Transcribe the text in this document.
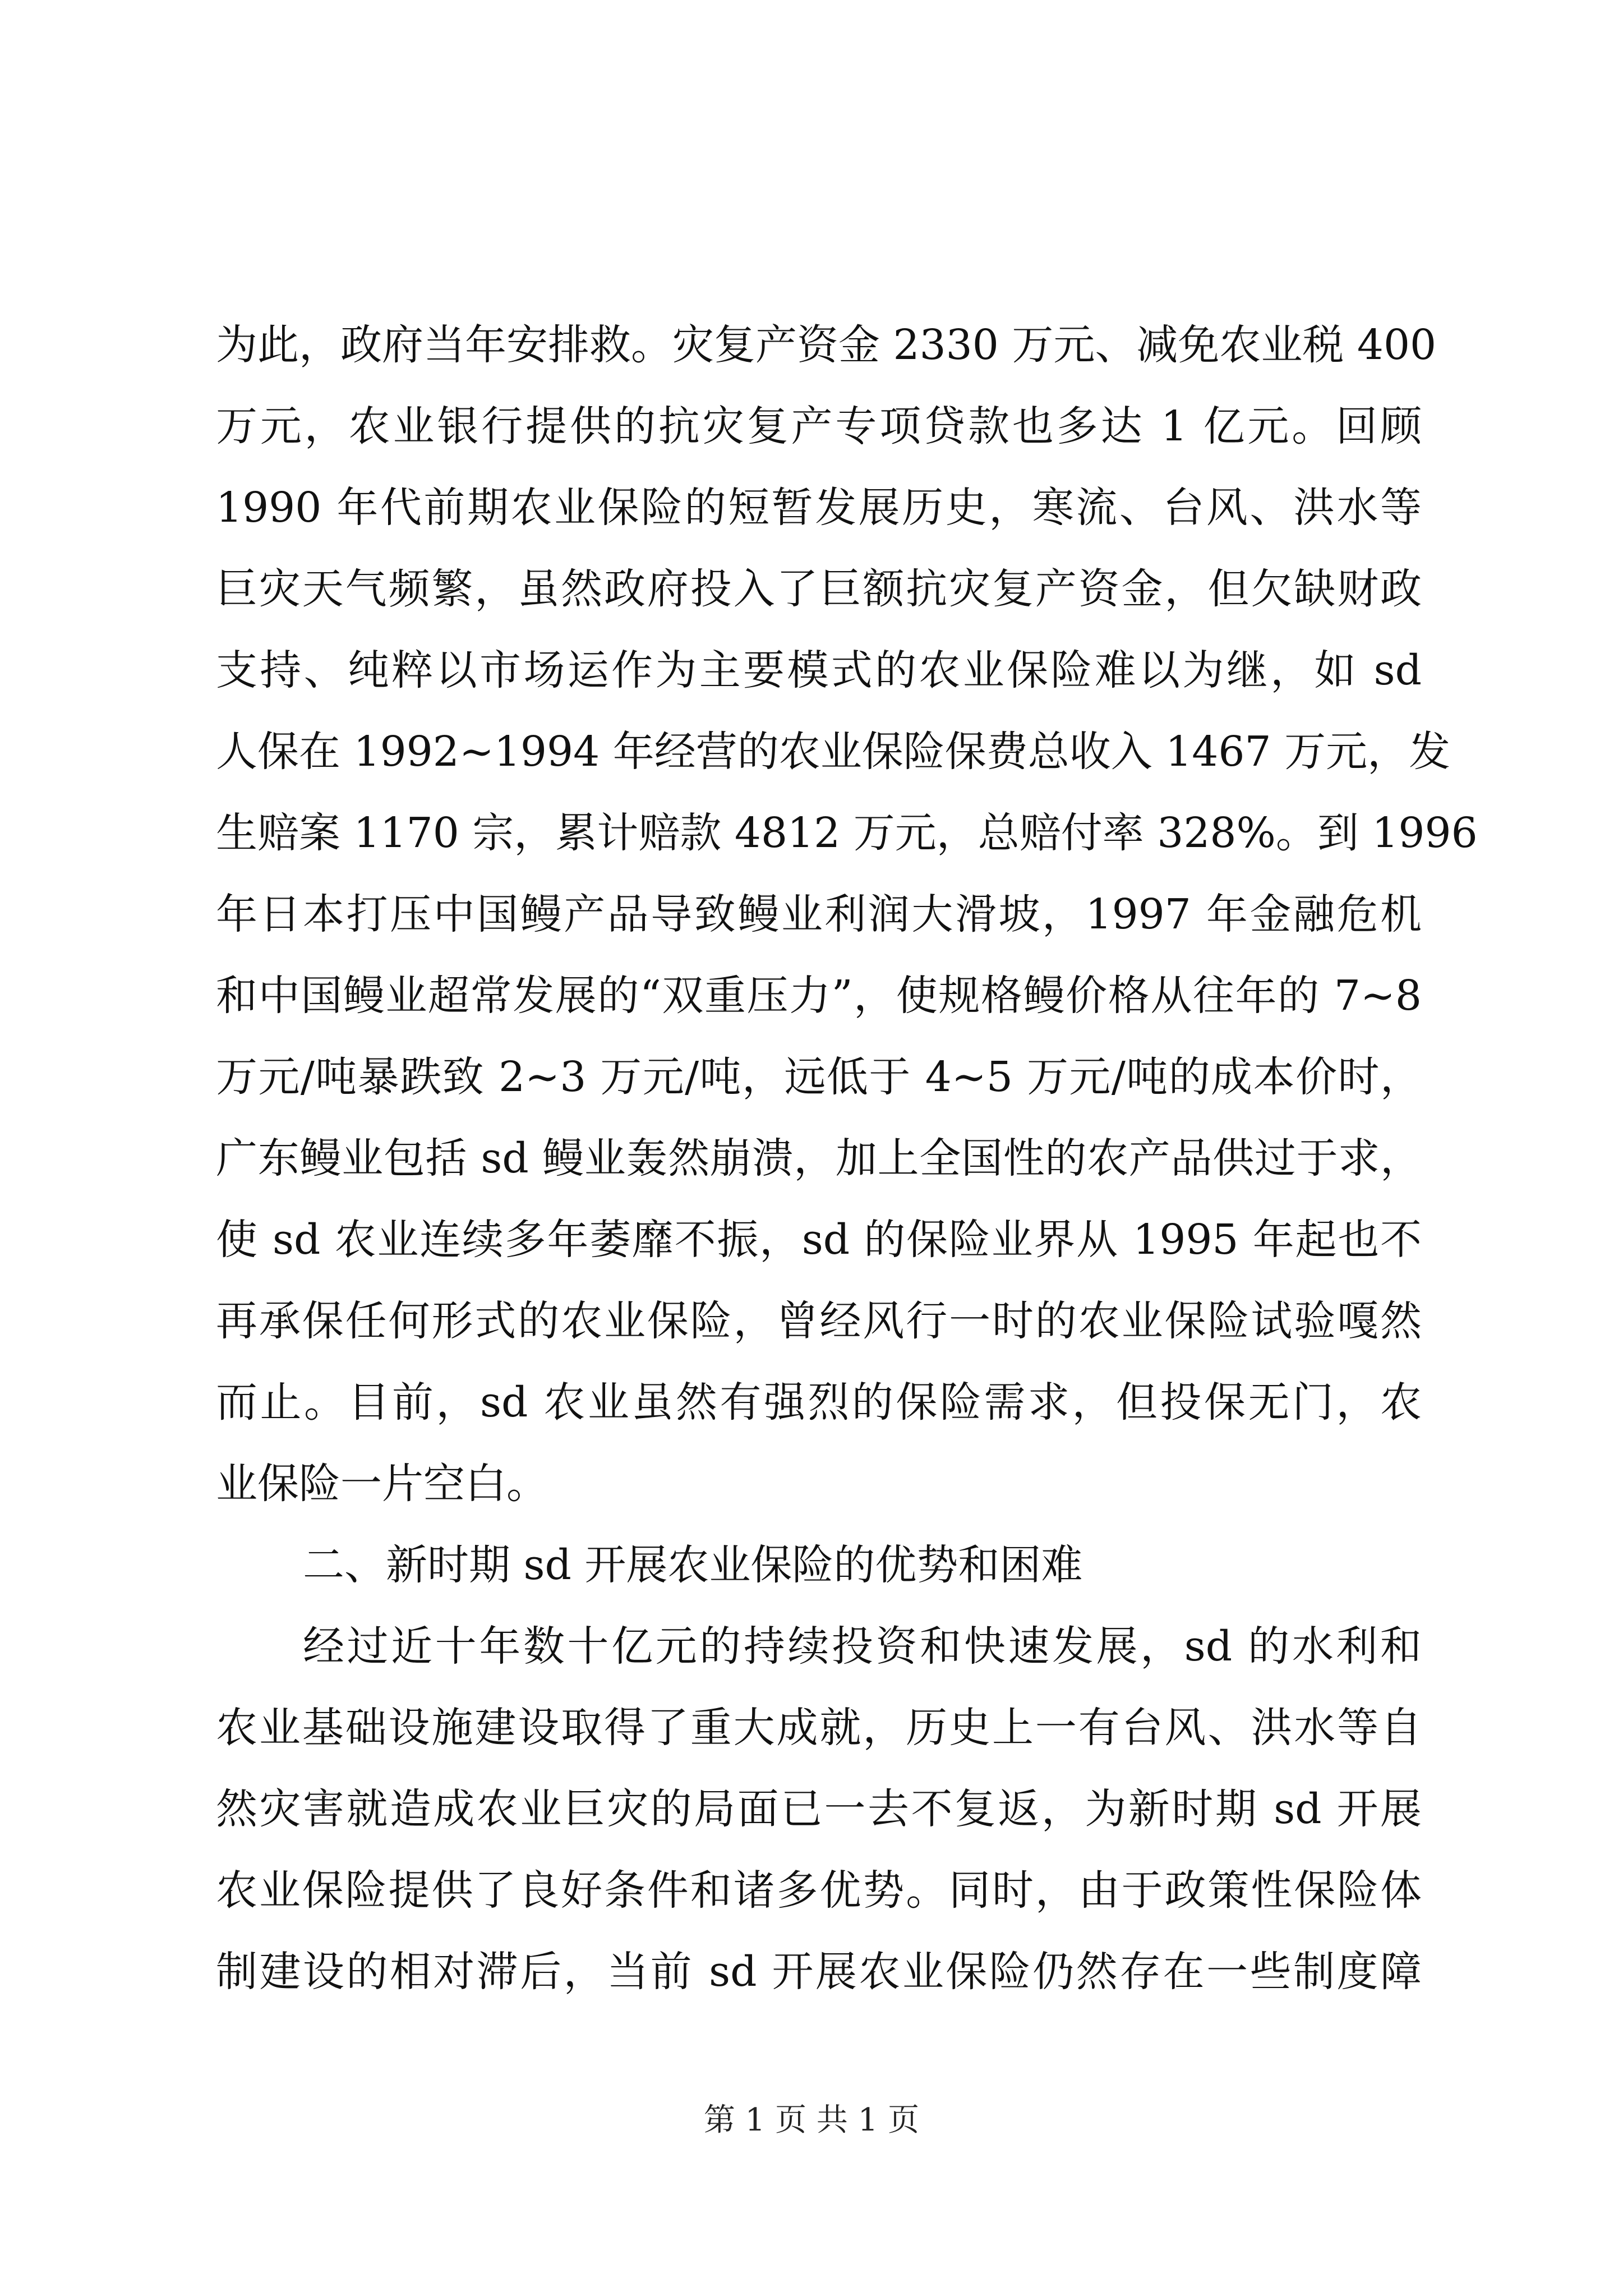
为此，政府当年安排救。灾复产资金 2330 万元、减免农业税 400
万元，农业银行提供的抗灾复产专项贷款也多达 1 亿元。回顾
1990 年代前期农业保险的短暂发展历史，寒流、台风、洪水等
巨灾天气频繁，虽然政府投入了巨额抗灾复产资金，但欠缺财政
支持、纯粹以市场运作为主要模式的农业保险难以为继，如 sd
人保在 1992~1994 年经营的农业保险保费总收入 1467 万元，发
生赔案 1170 宗，累计赔款 4812 万元，总赔付率 328%。到 1996
年日本打压中国鳗产品导致鳗业利润大滑坡，1997 年金融危机
和中国鳗业超常发展的“双重压力”，使规格鳗价格从往年的 7~8
万元/吨暴跌致 2~3 万元/吨，远低于 4~5 万元/吨的成本价时，
广东鳗业包括 sd 鳗业轰然崩溃，加上全国性的农产品供过于求，
使 sd 农业连续多年萎靡不振，sd 的保险业界从 1995 年起也不
再承保任何形式的农业保险，曾经风行一时的农业保险试验嘎然
而止。目前，sd 农业虽然有强烈的保险需求，但投保无门，农
业保险一片空白。
二、新时期 sd 开展农业保险的优势和困难
经过近十年数十亿元的持续投资和快速发展，sd 的水利和
农业基础设施建设取得了重大成就，历史上一有台风、洪水等自
然灾害就造成农业巨灾的局面已一去不复返，为新时期 sd 开展
农业保险提供了良好条件和诸多优势。同时，由于政策性保险体
制建设的相对滞后，当前 sd 开展农业保险仍然存在一些制度障
第 1 页 共 1 页
